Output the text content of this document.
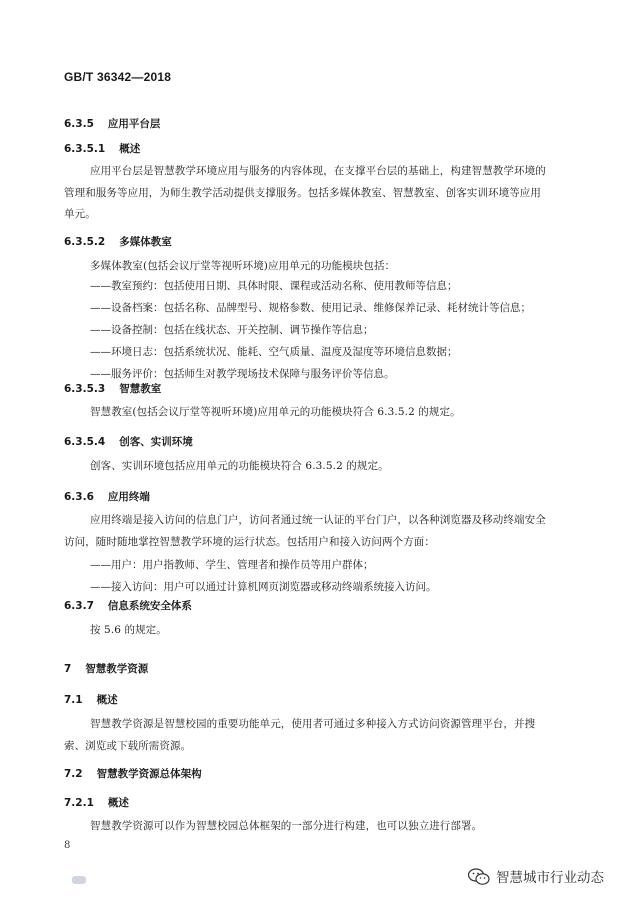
GB/T 36342—2018
6.3.5 应用平台层
6.3.5.1 概述
应用平台层是智慧教学环境应用与服务的内容体现，在支撑平台层的基础上，构建智慧教学环境的
管理和服务等应用，为师生教学活动提供支撑服务。包括多媒体教室、智慧教室、创客实训环境等应用
单元。
6.3.5.2 多媒体教室
多媒体教室(包括会议厅堂等视听环境)应用单元的功能模块包括：
——教室预约：包括使用日期、具体时限、课程或活动名称、使用教师等信息；
——设备档案：包括名称、品牌型号、规格参数、使用记录、维修保养记录、耗材统计等信息；
——设备控制：包括在线状态、开关控制、调节操作等信息；
——环境日志：包括系统状况、能耗、空气质量、温度及湿度等环境信息数据；
——服务评价：包括师生对教学现场技术保障与服务评价等信息。
6.3.5.3 智慧教室
智慧教室(包括会议厅堂等视听环境)应用单元的功能模块符合 6.3.5.2 的规定。
6.3.5.4 创客、实训环境
创客、实训环境包括应用单元的功能模块符合 6.3.5.2 的规定。
6.3.6 应用终端
应用终端是接入访问的信息门户，访问者通过统一认证的平台门户，以各种浏览器及移动终端安全
访问，随时随地掌控智慧教学环境的运行状态。包括用户和接入访问两个方面：
——用户：用户指教师、学生、管理者和操作员等用户群体；
——接入访问：用户可以通过计算机网页浏览器或移动终端系统接入访问。
6.3.7 信息系统安全体系
按 5.6 的规定。
7 智慧教学资源
7.1 概述
智慧教学资源是智慧校园的重要功能单元，使用者可通过多种接入方式访问资源管理平台，并搜
索、浏览或下载所需资源。
7.2 智慧教学资源总体架构
7.2.1 概述
智慧教学资源可以作为智慧校园总体框架的一部分进行构建，也可以独立进行部署。
8
智慧城市行业动态
